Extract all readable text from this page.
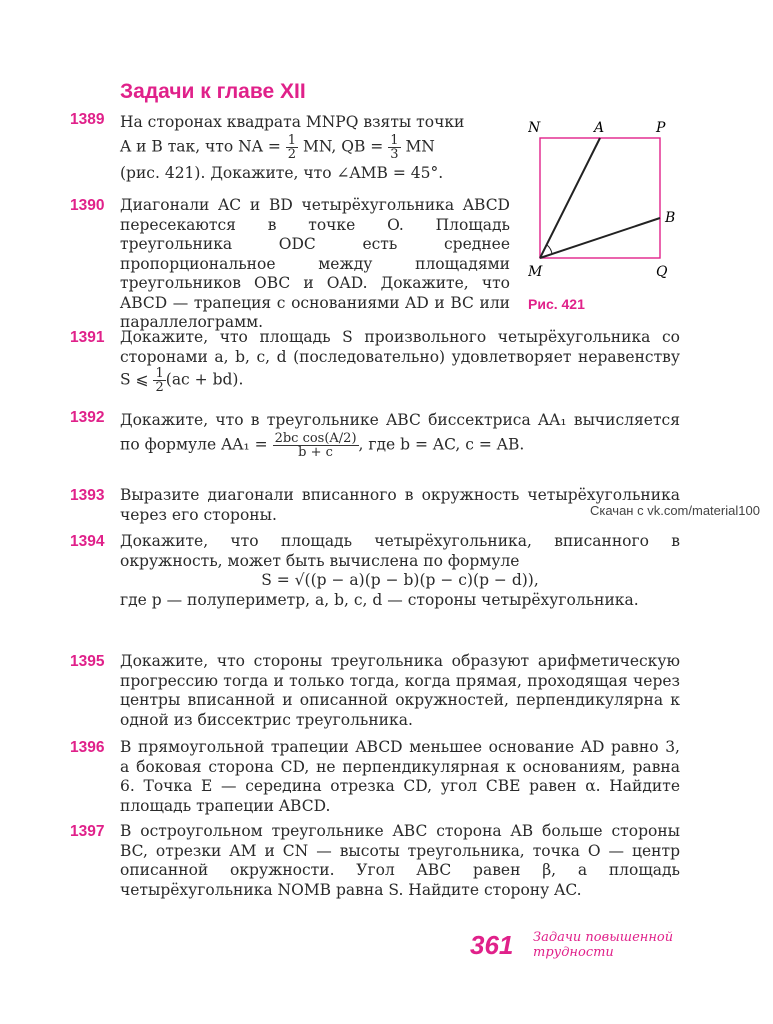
Задачи к главе XII
1389 На сторонах квадрата MNPQ взяты точки

A и B так, что NA = $\frac{1}{2}$ MN, QB = $\frac{1}{3}$ MN

(рис. 421). Докажите, что ∠AMB = 45°.

N	A	P
B
M	Q
Рис. 421
1390 Диагонали AC и BD четырёхугольника ABCD пересекаются в точке O. Площадь треугольника ODC есть среднее пропорциональное между площадями треугольников OBC и OAD. Докажите, что ABCD — трапеция с основаниями AD и BC или параллелограмм.

1391 Докажите, что площадь S произвольного четырёхугольника со сторонами a, b, c, d (последовательно) удовлетворяет неравенству S ⩽ $\frac{1}{2} (ac + bd)$.

1392 Докажите, что в треугольнике ABC биссектриса AA₁ вычисляется по формуле $AA_1 = \frac{\text{2bc cos(A/2)}}{b + c}$ , где b = AC, c = AB.

1393 Выразите диагонали вписанного в окружность четырёхугольника через его стороны.	Скачан с vk.com/material100
1394 Докажите, что площадь четырёхугольника, вписанного в окружность, может быть вычислена по формуле

S = √((p − a)(p − b)(p − c)(p − d)),

где p — полупериметр, a, b, c, d — стороны четырёхугольника.

1395 Докажите, что стороны треугольника образуют арифметическую прогрессию тогда и только тогда, когда прямая, проходящая через центры вписанной и описанной окружностей, перпендикулярна к одной из биссектрис треугольника.

1396 В прямоугольной трапеции ABCD меньшее основание AD равно 3, а боковая сторона CD, не перпендикулярная к основаниям, равна 6. Точка E — середина отрезка CD, угол CBE равен α. Найдите площадь трапеции ABCD.

1397 В остроугольном треугольнике ABC сторона AB больше стороны BC, отрезки AM и CN — высоты треугольника, точка O — центр описанной окружности. Угол ABC равен β, а площадь четырёхугольника NOMB равна S. Найдите сторону AC.

361 Задачи повышенной трудности
